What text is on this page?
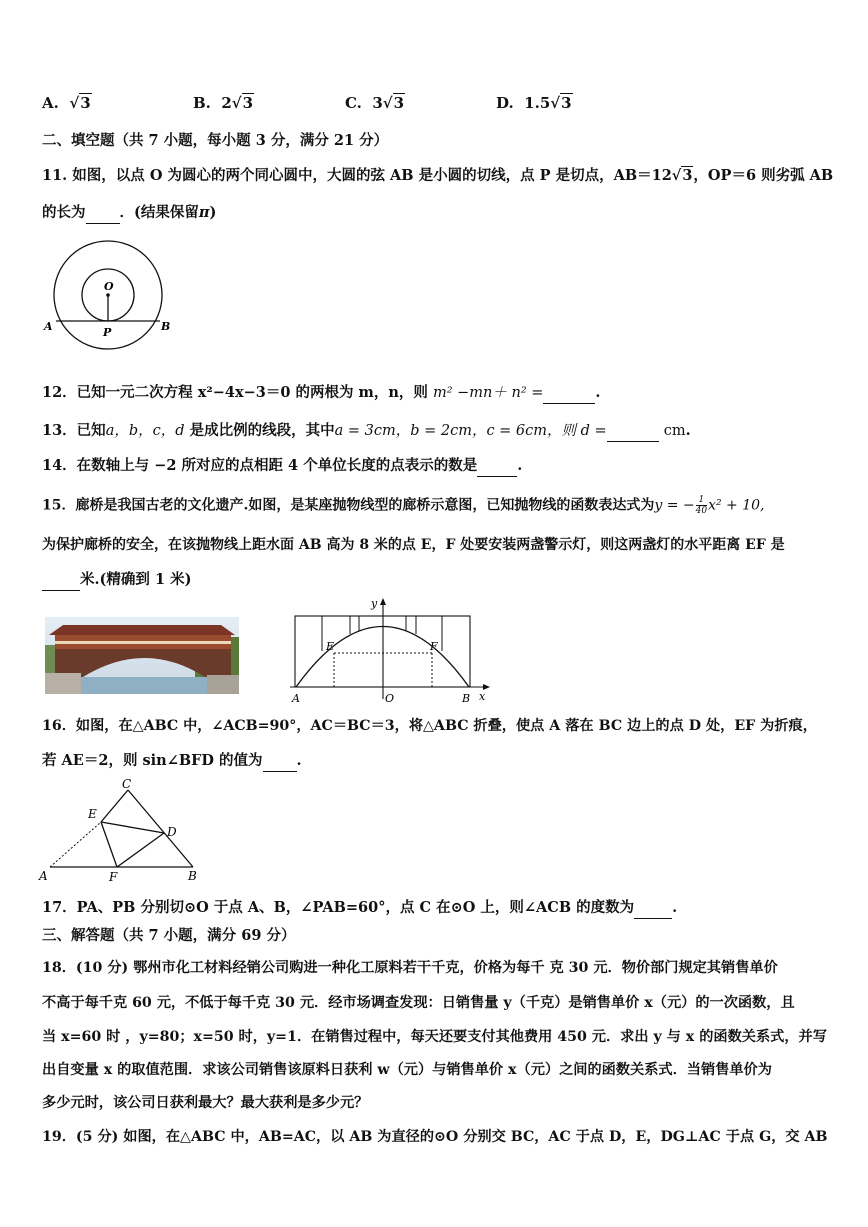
A.  √3	B. 2√3	C. 3√3	D. 1.5√3
二、填空题（共 7 小题，每小题 3 分，满分 21 分）
11. 如图，以点 O 为圆心的两个同心圆中，大圆的弦 AB 是小圆的切线，点 P 是切点，AB＝12√3，OP＝6 则劣弧 AB
的长为 ．(结果保留π)
O
P
A	B
12．已知一元二次方程 x²−4x−3＝0 的两根为 m，n，则 m² −mn＋ n² =	.
13．已知a，b，c，d 是成比例的线段，其中a = 3cm，b = 2cm，c = 6cm，则 d =	cm.
14．在数轴上与 −2 所对应的点相距 4 个单位长度的点表示的数是	.
15．廊桥是我国古老的文化遗产.如图，是某座抛物线型的廊桥示意图，已知抛物线的函数表达式为y = − $\frac{1}{40} x^2 + 10$,
为保护廊桥的安全，在该抛物线上距水面 AB 高为 8 米的点 E，F 处要安装两盏警示灯，则这两盏灯的水平距离 EF 是
米.(精确到 1 米)
y
x
E	F
A	O	B
16．如图，在△ABC 中，∠ACB=90°，AC＝BC＝3，将△ABC 折叠，使点 A 落在 BC 边上的点 D 处，EF 为折痕，
若 AE＝2，则 sin∠BFD 的值为 .
C
E
D
A	F	B
17．PA、PB 分别切⊙O 于点 A、B，∠PAB=60°，点 C 在⊙O 上，则∠ACB 的度数为	.
三、解答题（共 7 小题，满分 69 分）
18．(10 分) 鄂州市化工材料经销公司购进一种化工原料若干千克，价格为每千 克 30 元．物价部门规定其销售单价
不高于每千克 60 元，不低于每千克 30 元．经市场调查发现：日销售量 y（千克）是销售单价 x（元）的一次函数，且
当 x=60 时 ，y=80；x=50 时，y=1．在销售过程中，每天还要支付其他费用 450 元．求出 y 与 x 的函数关系式，并写
出自变量 x 的取值范围．求该公司销售该原料日获利 w（元）与销售单价 x（元）之间的函数关系式．当销售单价为
多少元时，该公司日获利最大？最大获利是多少元？
19．(5 分) 如图，在△ABC 中，AB=AC，以 AB 为直径的⊙O 分别交 BC，AC 于点 D，E，DG⊥AC 于点 G，交 AB
